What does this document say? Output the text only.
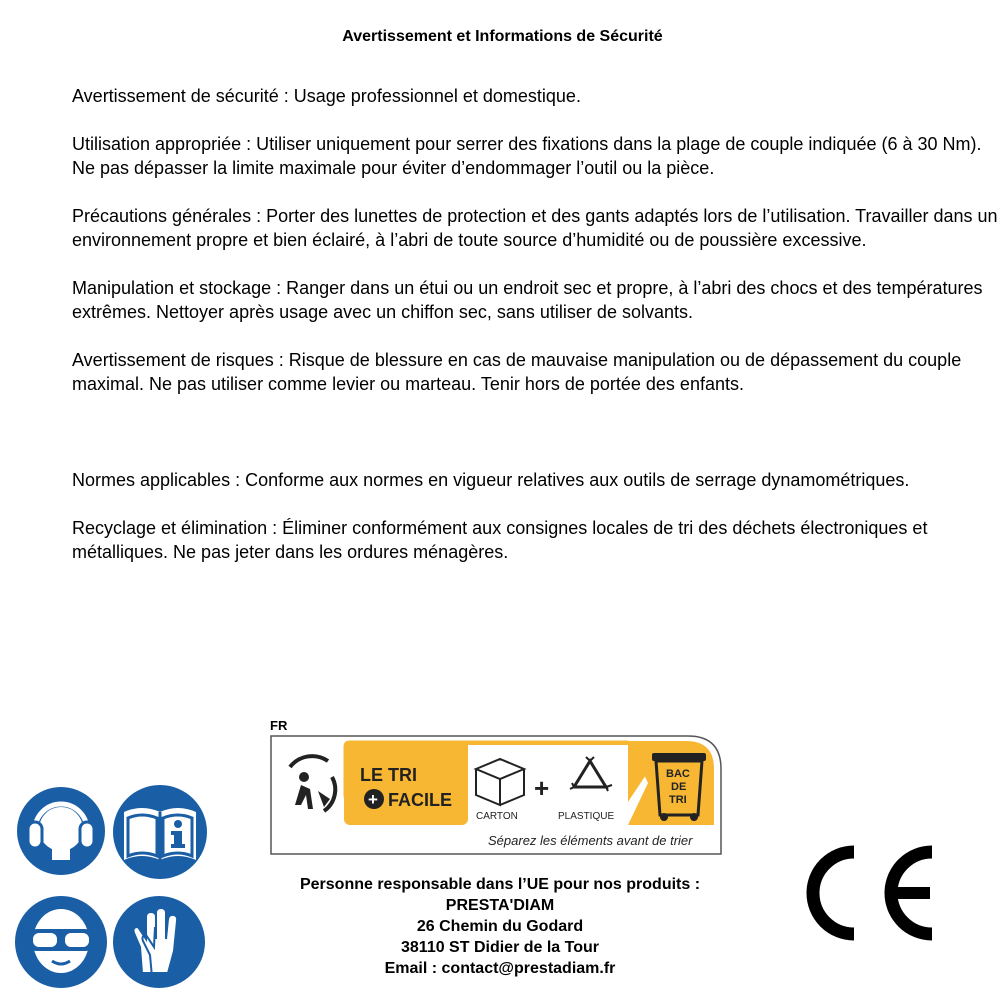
Avertissement et Informations de Sécurité

Avertissement de sécurité : Usage professionnel et domestique.

Utilisation appropriée : Utiliser uniquement pour serrer des fixations dans la plage de couple indiquée (6 à 30 Nm). Ne pas dépasser la limite maximale pour éviter d’endommager l’outil ou la pièce.

Précautions générales : Porter des lunettes de protection et des gants adaptés lors de l’utilisation. Travailler dans un environnement propre et bien éclairé, à l’abri de toute source d’humidité ou de poussière excessive.

Manipulation et stockage : Ranger dans un étui ou un endroit sec et propre, à l’abri des chocs et des températures extrêmes. Nettoyer après usage avec un chiffon sec, sans utiliser de solvants.

Avertissement de risques : Risque de blessure en cas de mauvaise manipulation ou de dépassement du couple maximal. Ne pas utiliser comme levier ou marteau. Tenir hors de portée des enfants.

Normes applicables : Conforme aux normes en vigueur relatives aux outils de serrage dynamométriques.

Recyclage et élimination : Éliminer conformément aux consignes locales de tri des déchets électroniques et métalliques. Ne pas jeter dans les ordures ménagères.

FR
LE TRI
+ FACILE
CARTON
+
PLASTIQUE
BAC
DE
TRI
Séparez les éléments avant de trier
Personne responsable dans l’UE pour nos produits :
PRESTA'DIAM
26 Chemin du Godard
38110 ST Didier de la Tour
Email : contact@prestadiam.fr
